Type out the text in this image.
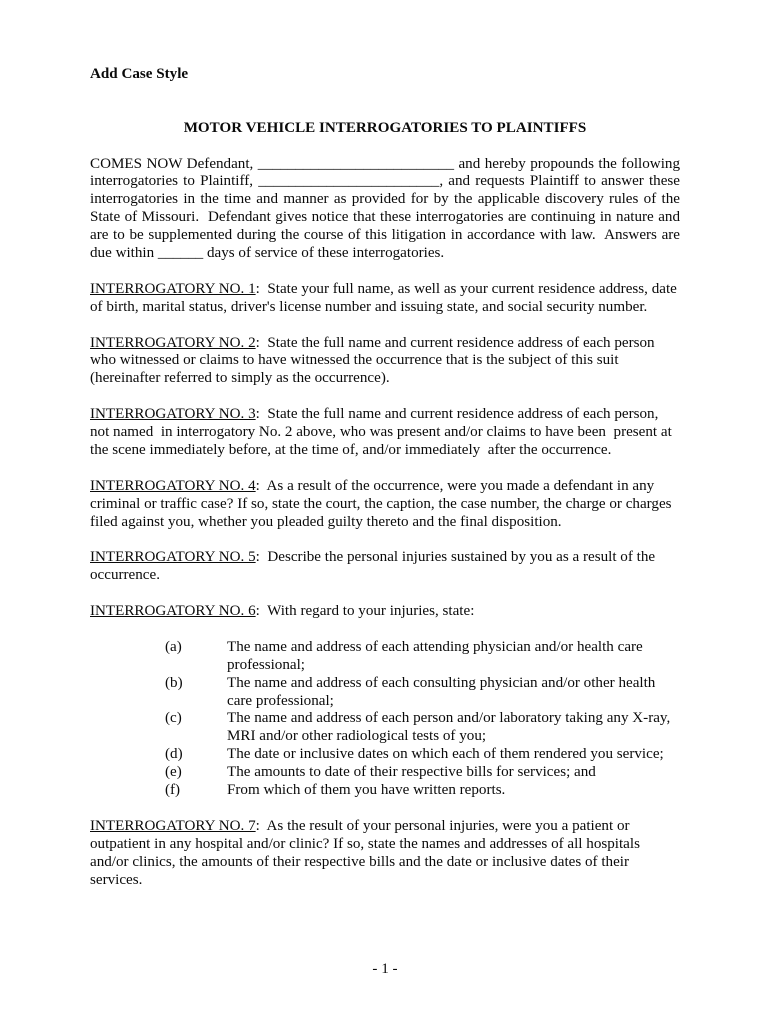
Add Case Style

MOTOR VEHICLE INTERROGATORIES TO PLAINTIFFS

COMES NOW Defendant, __________________________ and hereby propounds the following interrogatories to Plaintiff, ________________________, and requests Plaintiff to answer these interrogatories in the time and manner as provided for by the applicable discovery rules of the State of Missouri.  Defendant gives notice that these interrogatories are continuing in nature and are to be supplemented during the course of this litigation in accordance with law.  Answers are due within ______ days of service of these interrogatories.

INTERROGATORY NO. 1:  State your full name, as well as your current residence address, date of birth, marital status, driver's license number and issuing state, and social security number.

INTERROGATORY NO. 2:  State the full name and current residence address of each person who witnessed or claims to have witnessed the occurrence that is the subject of this suit (hereinafter referred to simply as the occurrence).

INTERROGATORY NO. 3:  State the full name and current residence address of each person, not named  in interrogatory No. 2 above, who was present and/or claims to have been  present at the scene immediately before, at the time of, and/or immediately  after the occurrence.

INTERROGATORY NO. 4:  As a result of the occurrence, were you made a defendant in any criminal or traffic case? If so, state the court, the caption, the case number, the charge or charges filed against you, whether you pleaded guilty thereto and the final disposition.

INTERROGATORY NO. 5:  Describe the personal injuries sustained by you as a result of the occurrence.

INTERROGATORY NO. 6:  With regard to your injuries, state:

(a)	The name and address of each attending physician and/or health care professional;
(b)	The name and address of each consulting physician and/or other health care professional;
(c)	The name and address of each person and/or laboratory taking any X-ray, MRI and/or other radiological tests of you;
(d)	The date or inclusive dates on which each of them rendered you service;
(e)	The amounts to date of their respective bills for services; and
(f)	From which of them you have written reports.

INTERROGATORY NO. 7:  As the result of your personal injuries, were you a patient or outpatient in any hospital and/or clinic? If so, state the names and addresses of all hospitals and/or clinics, the amounts of their respective bills and the date or inclusive dates of their services.

- 1 -
